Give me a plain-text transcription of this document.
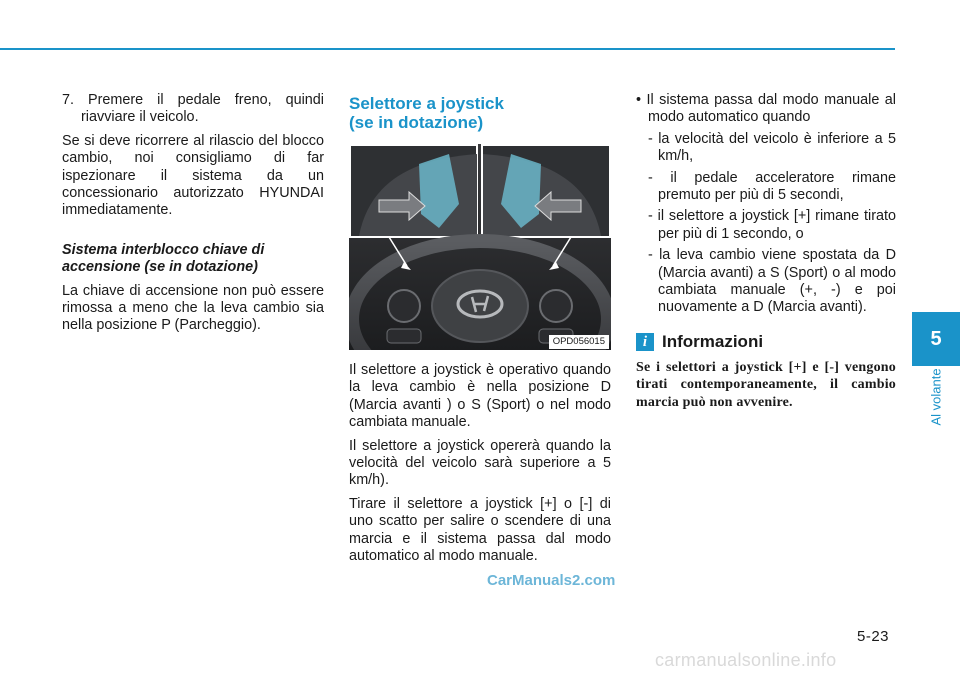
7. Premere il pedale freno, quindi riavviare il veicolo.

Se si deve ricorrere al rilascio del blocco cambio, noi consigliamo di far ispezionare il sistema da un concessionario autorizzato HYUNDAI immediatamente.

Sistema interblocco chiave di accensione (se in dotazione)

La chiave di accensione non può essere rimossa a meno che la leva cambio sia nella posizione P (Parcheggio).

Selettore a joystick
(se in dotazione)
OPD056015

Il selettore a joystick è operativo quando la leva cambio è nella posizione D (Marcia avanti ) o S (Sport) o nel modo cambiata manuale.

Il selettore a joystick opererà quando la velocità del veicolo sarà superiore a 5 km/h).

Tirare il selettore a joystick [+] o [-] di uno scatto per salire o scendere di una marcia e il sistema passa dal modo automatico al modo manuale.

• Il sistema passa dal modo manuale al modo automatico quando

- la velocità del veicolo è inferiore a 5 km/h,

- il pedale acceleratore rimane premuto per più di 5 secondi,

- il selettore a joystick [+] rimane tirato per più di 1 secondo, o

- la leva cambio viene spostata da D (Marcia avanti) a S (Sport) o al modo cambiata manuale (+, -) e poi nuovamente a D (Marcia avanti).

i Informazioni

Se i selettori a joystick [+] e [-] vengono tirati contemporaneamente, il cambio marcia può non avvenire.

5
Al volante
CarManuals2.com
5-23
carmanualsonline.info
